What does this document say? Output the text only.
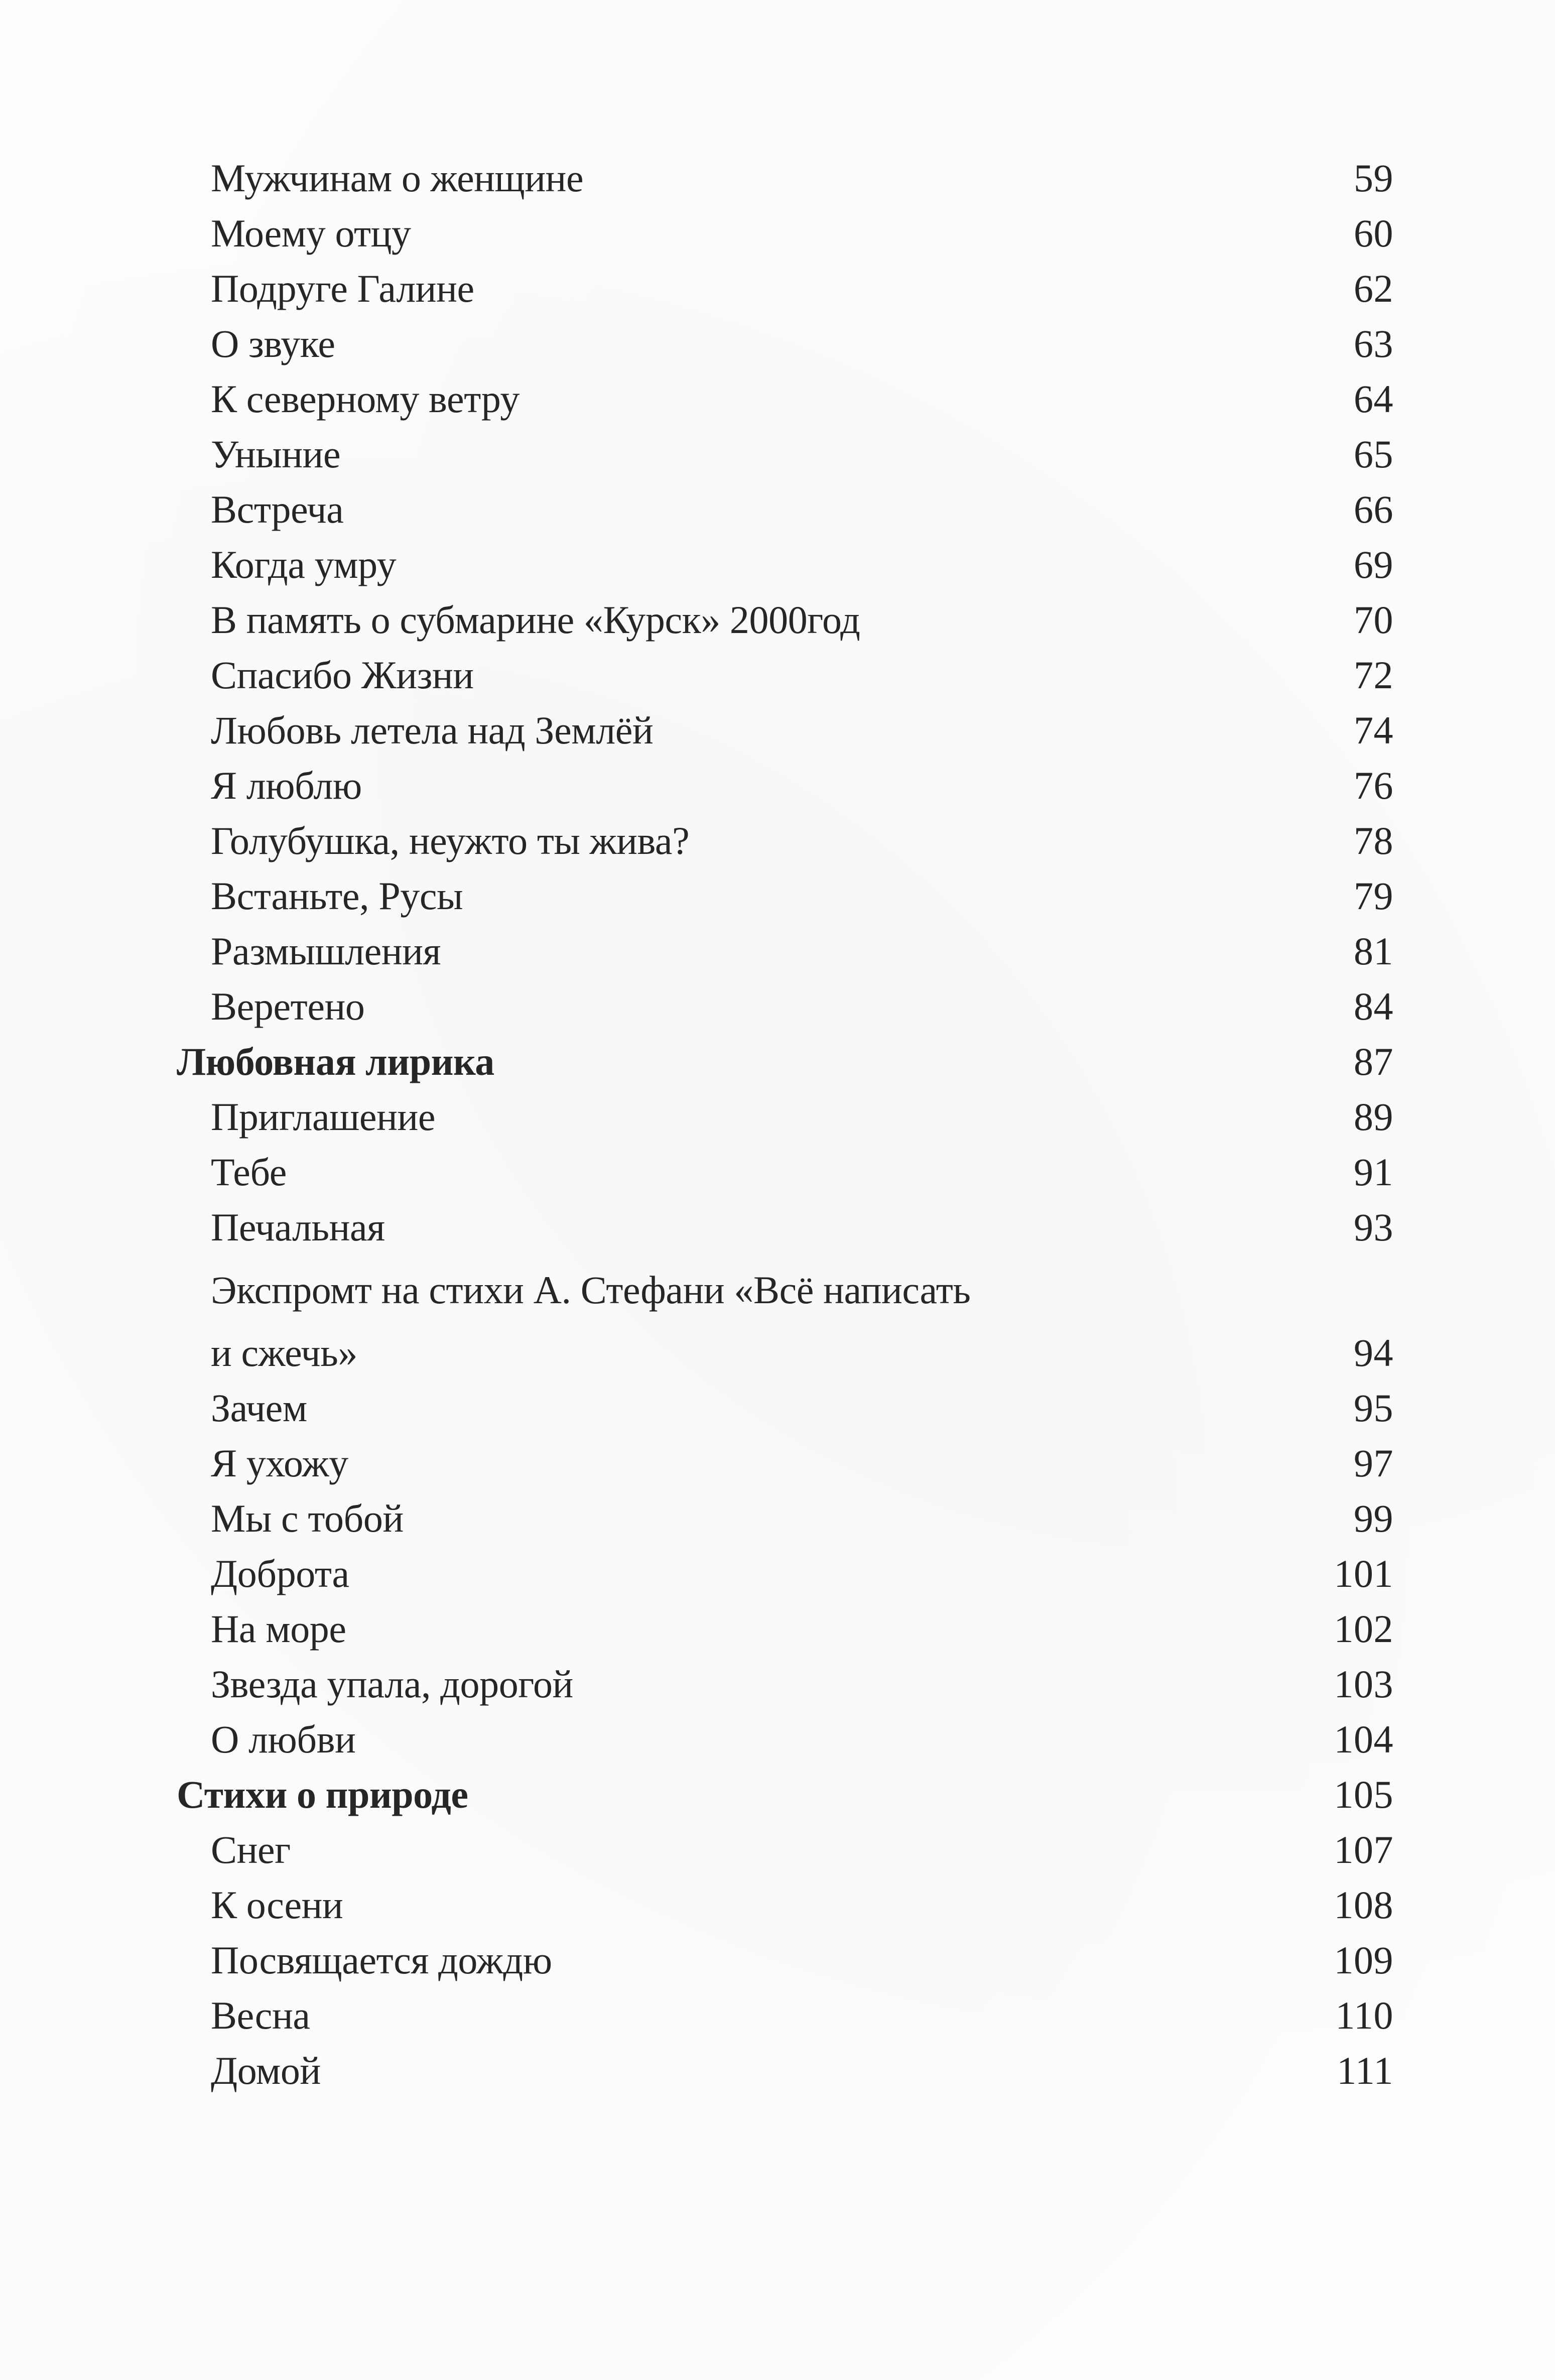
Мужчинам о женщине	59
Моему отцу	60
Подруге Галине	62
О звуке	63
К северному ветру	64
Уныние	65
Встреча	66
Когда умру	69
В память о субмарине «Курск» 2000год	70
Спасибо Жизни	72
Любовь летела над Землёй	74
Я люблю	76
Голубушка, неужто ты жива?	78
Встаньте, Русы	79
Размышления	81
Веретено	84
Любовная лирика	87
Приглашение	89
Тебе	91
Печальная	93
Экспромт на стихи А. Стефани «Всё написать
и сжечь»	94
Зачем	95
Я ухожу	97
Мы с тобой	99
Доброта	101
На море	102
Звезда упала, дорогой	103
О любви	104
Стихи о природе	105
Снег	107
К осени	108
Посвящается дождю	109
Весна	110
Домой	111
